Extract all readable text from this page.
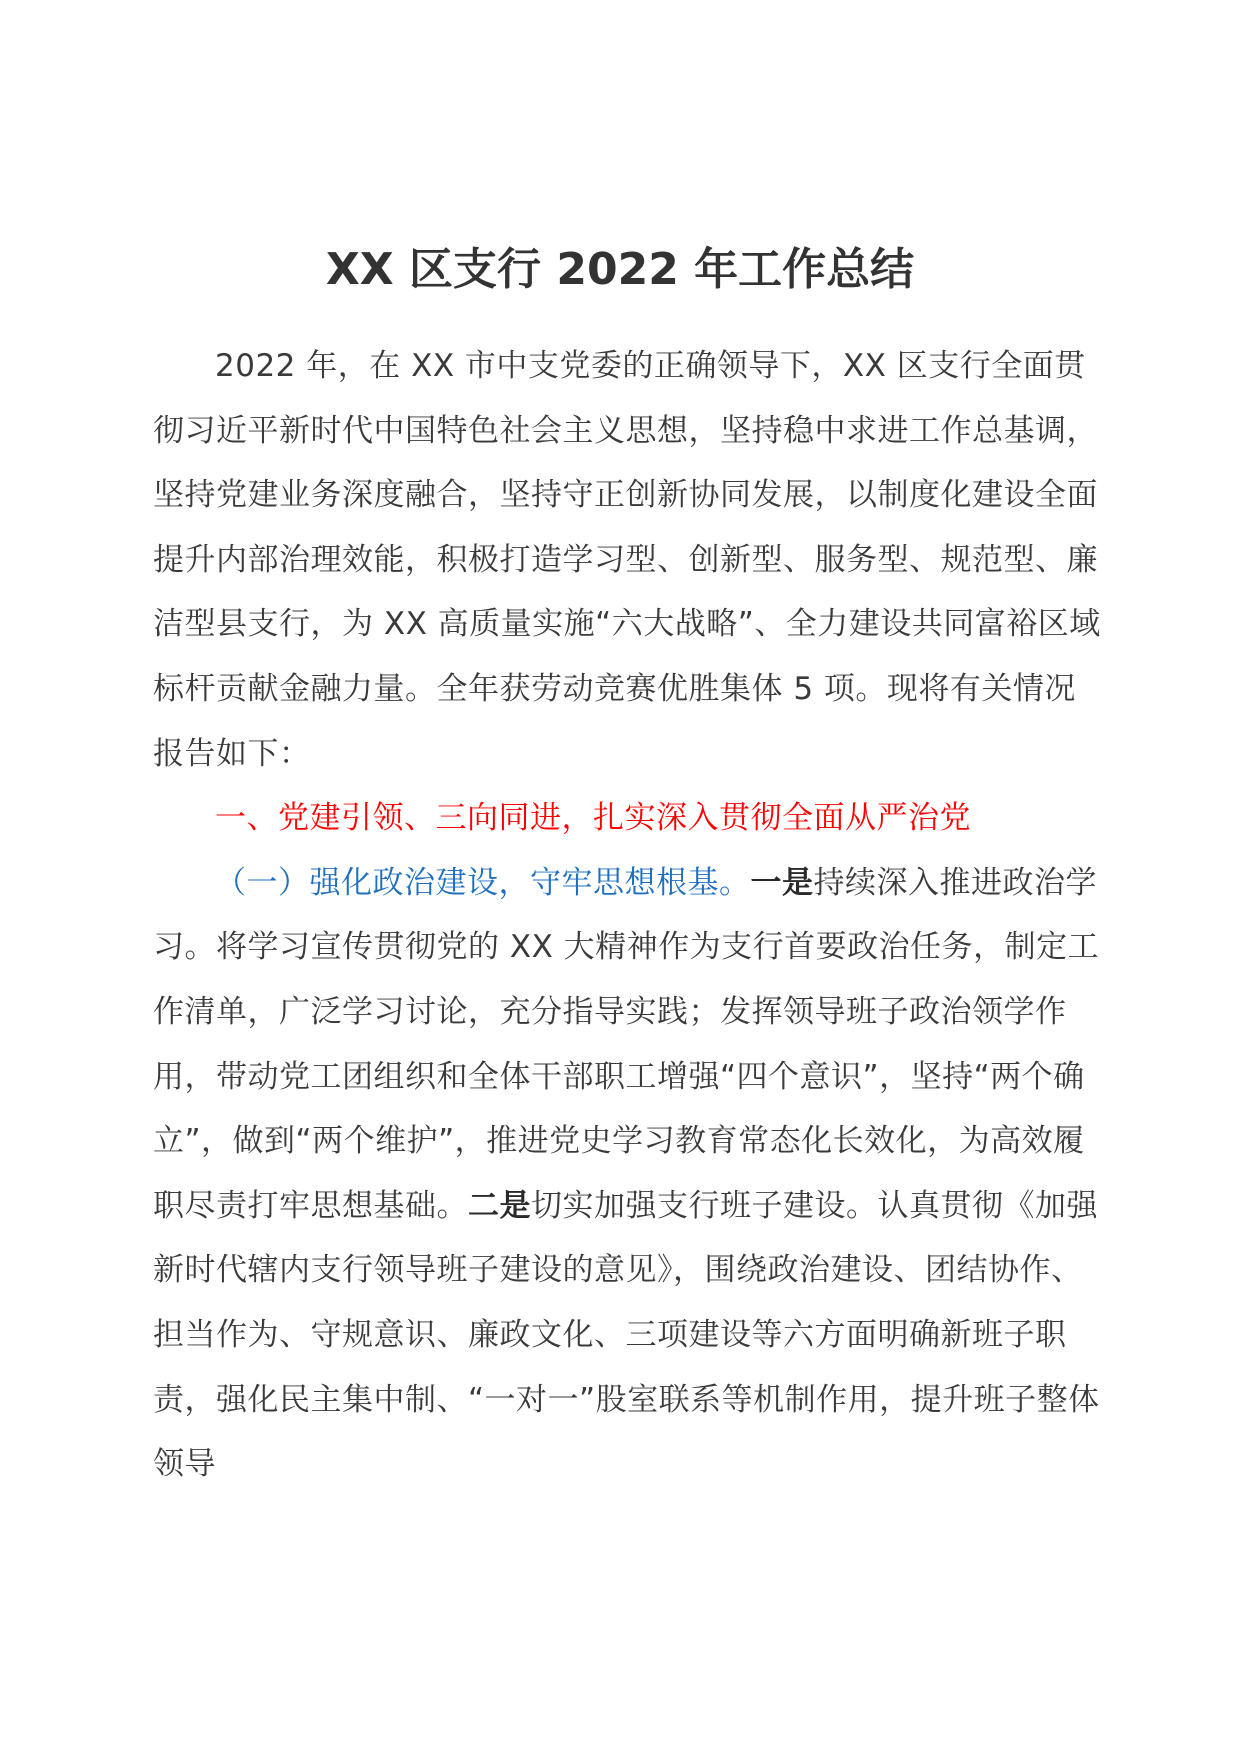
XX 区支行 2022 年工作总结

2022 年，在 XX 市中支党委的正确领导下，XX 区支行全面贯彻习近平新时代中国特色社会主义思想，坚持稳中求进工作总基调，坚持党建业务深度融合，坚持守正创新协同发展，以制度化建设全面提升内部治理效能，积极打造学习型、创新型、服务型、规范型、廉洁型县支行，为 XX 高质量实施“六大战略”、全力建设共同富裕区域标杆贡献金融力量。全年获劳动竞赛优胜集体 5 项。现将有关情况报告如下：

一、党建引领、三向同进，扎实深入贯彻全面从严治党

（一）强化政治建设，守牢思想根基。一是持续深入推进政治学习。将学习宣传贯彻党的 XX 大精神作为支行首要政治任务，制定工作清单，广泛学习讨论，充分指导实践；发挥领导班子政治领学作用，带动党工团组织和全体干部职工增强“四个意识”，坚持“两个确立”，做到“两个维护”，推进党史学习教育常态化长效化，为高效履职尽责打牢思想基础。二是切实加强支行班子建设。认真贯彻《加强新时代辖内支行领导班子建设的意见》，围绕政治建设、团结协作、担当作为、守规意识、廉政文化、三项建设等六方面明确新班子职责，强化民主集中制、“一对一”股室联系等机制作用，提升班子整体领导
